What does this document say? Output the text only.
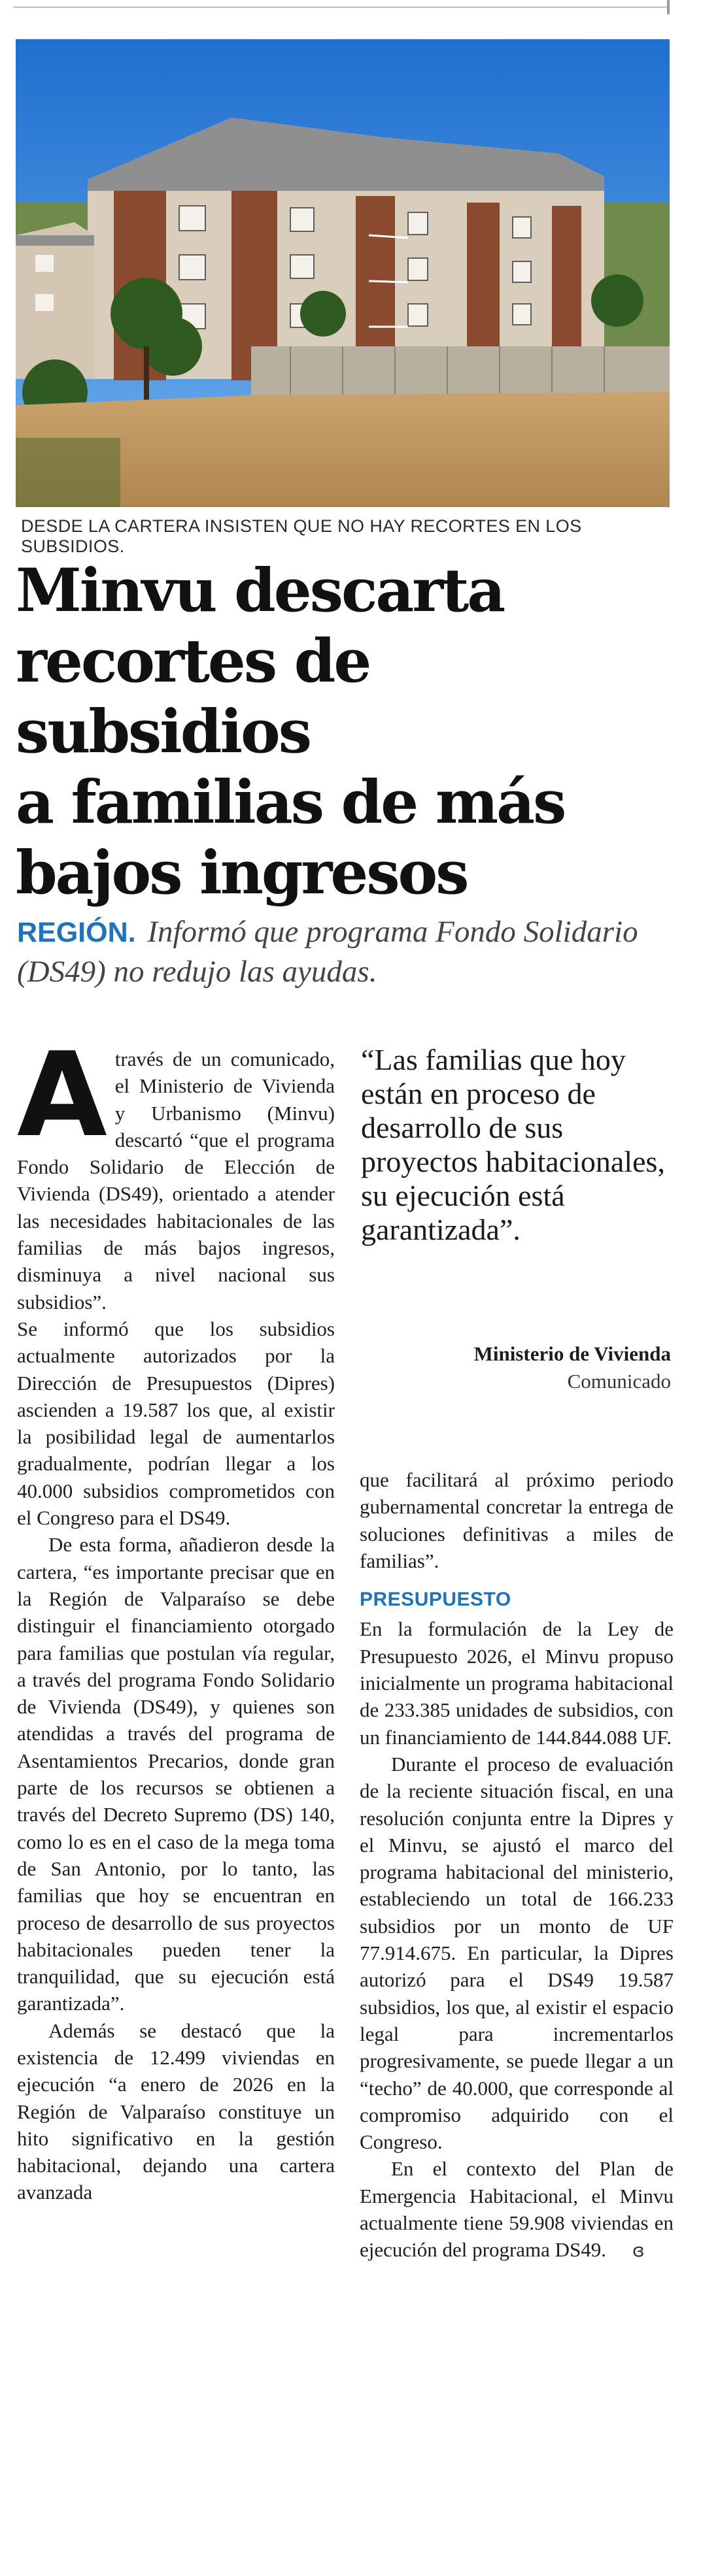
DESDE LA CARTERA INSISTEN QUE NO HAY RECORTES EN LOS SUBSIDIOS.
Minvu descarta
recortes de subsidios
a familias de más
bajos ingresos
REGIÓN. Informó que programa Fondo Solidario (DS49) no redujo las ayudas.

Através de un comunicado, el Ministerio de Vivienda y Urbanismo (Minvu) descartó “que el programa Fondo Solidario de Elección de Vivienda (DS49), orientado a atender las necesidades habitacionales de las familias de más bajos ingresos, disminuya a nivel nacional sus subsidios”.

Se informó que los subsidios actualmente autorizados por la Dirección de Presupuestos (Dipres) ascienden a 19.587 los que, al existir la posibilidad legal de aumentarlos gradualmente, podrían llegar a los 40.000 subsidios comprometidos con el Congreso para el DS49.

De esta forma, añadieron desde la cartera, “es importante precisar que en la Región de Valparaíso se debe distinguir el financiamiento otorgado para familias que postulan vía regular, a través del programa Fondo Solidario de Vivienda (DS49), y quienes son atendidas a través del programa de Asentamientos Precarios, donde gran parte de los recursos se obtienen a través del Decreto Supremo (DS) 140, como lo es en el caso de la mega toma de San Antonio, por lo tanto, las familias que hoy se encuentran en proceso de desarrollo de sus proyectos habitacionales pueden tener la tranquilidad, que su ejecución está garantizada”.

Además se destacó que la existencia de 12.499 viviendas en ejecución “a enero de 2026 en la Región de Valparaíso constituye un hito significativo en la gestión habitacional, dejando una cartera avanzada

“Las familias que hoy están en proceso de desarrollo de sus proyectos habitacionales, su ejecución está garantizada”.

Ministerio de Vivienda
Comunicado

que facilitará al próximo periodo gubernamental concretar la entrega de soluciones definitivas a miles de familias”.

PRESUPUESTO

En la formulación de la Ley de Presupuesto 2026, el Minvu propuso inicialmente un programa habitacional de 233.385 unidades de subsidios, con un financiamiento de 144.844.088 UF.

Durante el proceso de evaluación de la reciente situación fiscal, en una resolución conjunta entre la Dipres y el Minvu, se ajustó el marco del programa habitacional del ministerio, estableciendo un total de 166.233 subsidios por un monto de UF 77.914.675. En particular, la Dipres autorizó para el DS49 19.587 subsidios, los que, al existir el espacio legal para incrementarlos progresivamente, se puede llegar a un “techo” de 40.000, que corresponde al compromiso adquirido con el Congreso.

En el contexto del Plan de Emergencia Habitacional, el Minvu actualmente tiene 59.908 viviendas en ejecución del programa DS49. ɞ
